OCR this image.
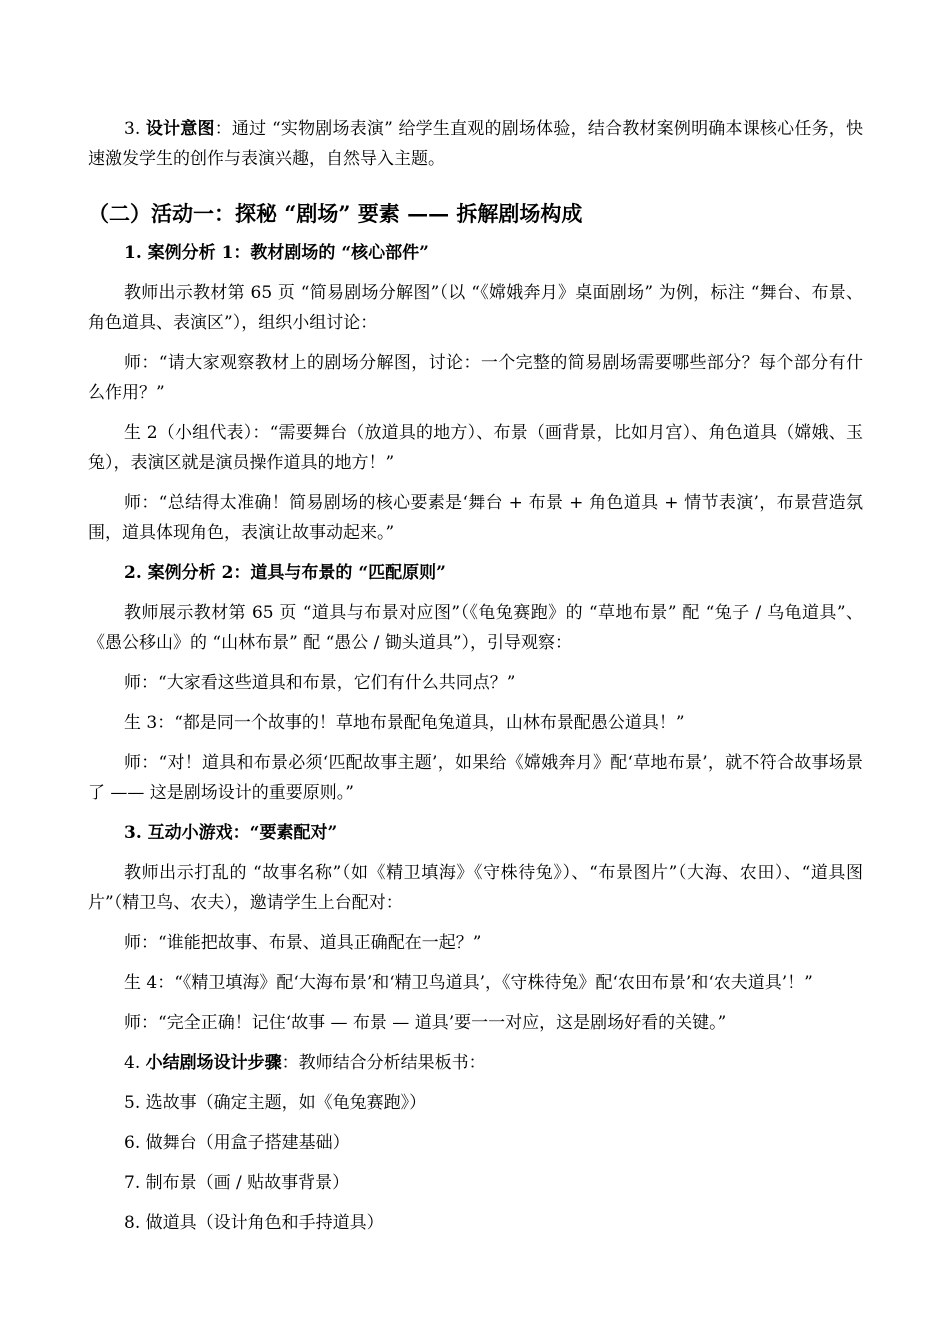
3. 设计意图：通过 “实物剧场表演” 给学生直观的剧场体验，结合教材案例明确本课核心任务，快速激发学生的创作与表演兴趣，自然导入主题。

（二）活动一：探秘 “剧场” 要素 —— 拆解剧场构成

1. 案例分析 1：教材剧场的 “核心部件”

教师出示教材第 65 页 “简易剧场分解图”（以 “《嫦娥奔月》桌面剧场” 为例，标注 “舞台、布景、角色道具、表演区”），组织小组讨论：

师：“请大家观察教材上的剧场分解图，讨论：一个完整的简易剧场需要哪些部分？每个部分有什么作用？”

生 2（小组代表）：“需要舞台（放道具的地方）、布景（画背景，比如月宫）、角色道具（嫦娥、玉兔），表演区就是演员操作道具的地方！”

师：“总结得太准确！简易剧场的核心要素是‘舞台 + 布景 + 角色道具 + 情节表演’，布景营造氛围，道具体现角色，表演让故事动起来。”

2. 案例分析 2：道具与布景的 “匹配原则”

教师展示教材第 65 页 “道具与布景对应图”（《龟兔赛跑》的 “草地布景” 配 “兔子 / 乌龟道具”、《愚公移山》的 “山林布景” 配 “愚公 / 锄头道具”），引导观察：

师：“大家看这些道具和布景，它们有什么共同点？”

生 3：“都是同一个故事的！草地布景配龟兔道具，山林布景配愚公道具！”

师：“对！道具和布景必须‘匹配故事主题’，如果给《嫦娥奔月》配‘草地布景’，就不符合故事场景了 —— 这是剧场设计的重要原则。”

3. 互动小游戏：“要素配对”

教师出示打乱的 “故事名称”（如《精卫填海》《守株待兔》）、“布景图片”（大海、农田）、“道具图片”（精卫鸟、农夫），邀请学生上台配对：

师：“谁能把故事、布景、道具正确配在一起？”

生 4：“《精卫填海》配‘大海布景’和‘精卫鸟道具’，《守株待兔》配‘农田布景’和‘农夫道具’！”

师：“完全正确！记住‘故事 — 布景 — 道具’要一一对应，这是剧场好看的关键。”

4. 小结剧场设计步骤：教师结合分析结果板书：

5. 选故事（确定主题，如《龟兔赛跑》）

6. 做舞台（用盒子搭建基础）

7. 制布景（画 / 贴故事背景）

8. 做道具（设计角色和手持道具）
